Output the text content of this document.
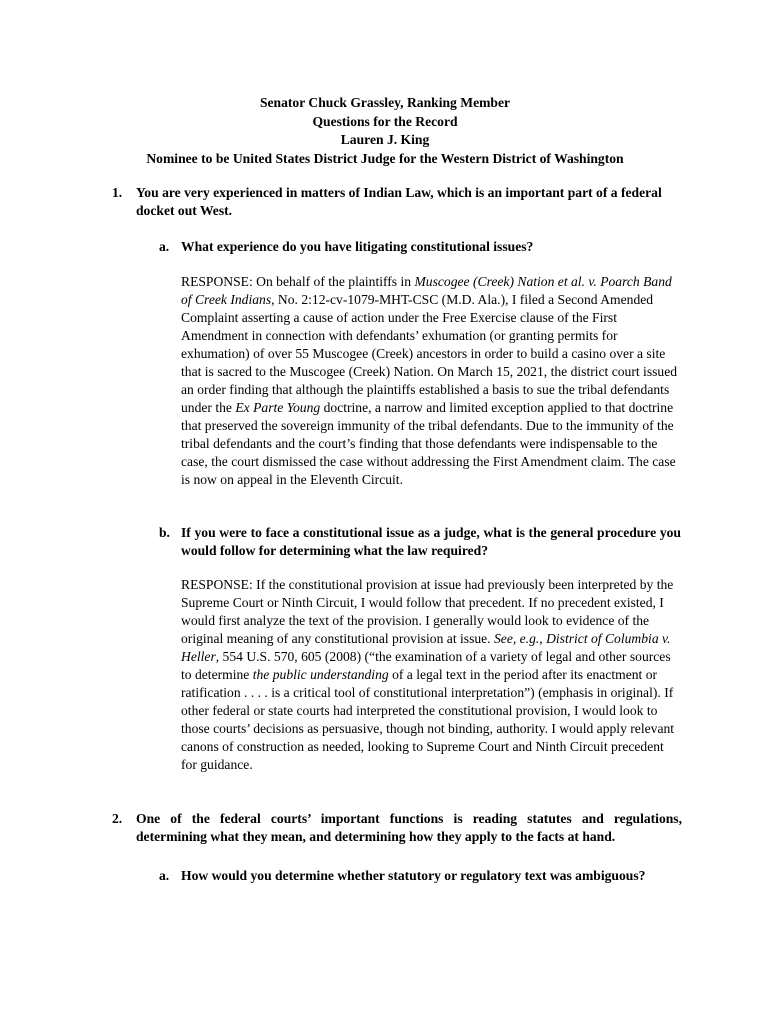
Senator Chuck Grassley, Ranking Member
Questions for the Record
Lauren J. King
Nominee to be United States District Judge for the Western District of Washington
1. You are very experienced in matters of Indian Law, which is an important part of a federal docket out West.
a. What experience do you have litigating constitutional issues?

RESPONSE: On behalf of the plaintiffs in Muscogee (Creek) Nation et al. v. Poarch Band of Creek Indians, No. 2:12-cv-1079-MHT-CSC (M.D. Ala.), I filed a Second Amended Complaint asserting a cause of action under the Free Exercise clause of the First Amendment in connection with defendants’ exhumation (or granting permits for exhumation) of over 55 Muscogee (Creek) ancestors in order to build a casino over a site that is sacred to the Muscogee (Creek) Nation. On March 15, 2021, the district court issued an order finding that although the plaintiffs established a basis to sue the tribal defendants under the Ex Parte Young doctrine, a narrow and limited exception applied to that doctrine that preserved the sovereign immunity of the tribal defendants. Due to the immunity of the tribal defendants and the court’s finding that those defendants were indispensable to the case, the court dismissed the case without addressing the First Amendment claim. The case is now on appeal in the Eleventh Circuit.

b. If you were to face a constitutional issue as a judge, what is the general procedure you would follow for determining what the law required?

RESPONSE: If the constitutional provision at issue had previously been interpreted by the Supreme Court or Ninth Circuit, I would follow that precedent. If no precedent existed, I would first analyze the text of the provision. I generally would look to evidence of the original meaning of any constitutional provision at issue. See, e.g., District of Columbia v. Heller, 554 U.S. 570, 605 (2008) (“the examination of a variety of legal and other sources to determine the public understanding of a legal text in the period after its enactment or ratification . . . . is a critical tool of constitutional interpretation”) (emphasis in original). If other federal or state courts had interpreted the constitutional provision, I would look to those courts’ decisions as persuasive, though not binding, authority. I would apply relevant canons of construction as needed, looking to Supreme Court and Ninth Circuit precedent for guidance.

2. One of the federal courts’ important functions is reading statutes and regulations, determining what they mean, and determining how they apply to the facts at hand.
a. How would you determine whether statutory or regulatory text was ambiguous?
